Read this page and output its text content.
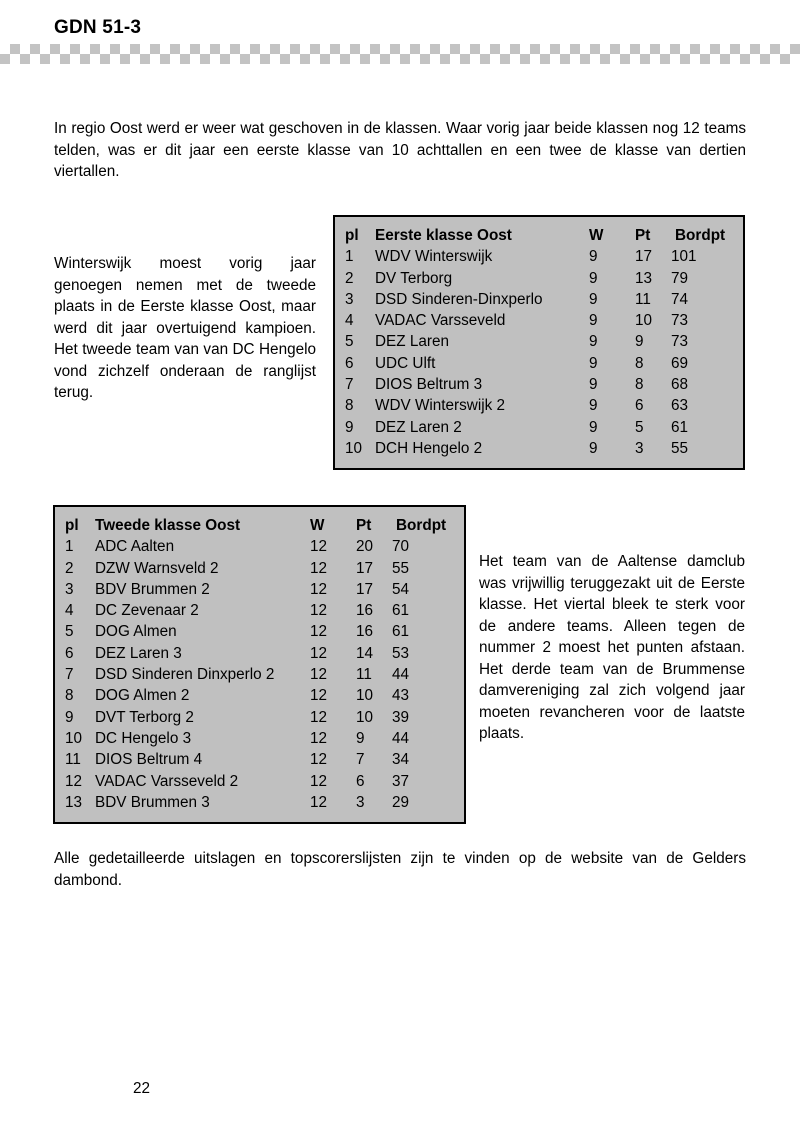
GDN 51-3

In regio Oost werd er weer wat geschoven in de klassen. Waar vorig jaar beide klassen nog 12 teams telden, was er dit jaar een eerste klasse van 10 achttallen en een twee de klasse van dertien viertallen.

Winterswijk moest vorig jaar genoegen nemen met de tweede plaats in de Eerste klasse Oost, maar werd dit jaar overtuigend kampioen. Het tweede team van van DC Hengelo vond zichzelf onderaan de ranglijst terug.

pl	Eerste klasse Oost	W	Pt	Bordpt
1	WDV Winterswijk	9	17	101
2	DV Terborg	9	13	79
3	DSD Sinderen-Dinxperlo	9	11	74
4	VADAC Varsseveld	9	10	73
5	DEZ Laren	9	9	73
6	UDC Ulft	9	8	69
7	DIOS Beltrum 3	9	8	68
8	WDV Winterswijk 2	9	6	63
9	DEZ Laren 2	9	5	61
10	DCH Hengelo 2	9	3	55
pl	Tweede klasse Oost	W	Pt	Bordpt
1	ADC Aalten	12	20	70
2	DZW Warnsveld 2	12	17	55
3	BDV Brummen 2	12	17	54
4	DC Zevenaar 2	12	16	61
5	DOG Almen	12	16	61
6	DEZ Laren 3	12	14	53
7	DSD Sinderen Dinxperlo 2	12	11	44
8	DOG Almen 2	12	10	43
9	DVT Terborg 2	12	10	39
10	DC Hengelo 3	12	9	44
11	DIOS Beltrum 4	12	7	34
12	VADAC Varsseveld 2	12	6	37
13	BDV Brummen 3	12	3	29

Het team van de Aaltense damclub was vrijwillig teruggezakt uit de Eerste klasse. Het viertal bleek te sterk voor de andere teams. Alleen tegen de nummer 2 moest het punten afstaan. Het derde team van de Brummense damvereniging zal zich volgend jaar moeten revancheren voor de laatste plaats.

Alle gedetailleerde uitslagen en topscorerslijsten zijn te vinden op de website van de Gelders dambond.

22
